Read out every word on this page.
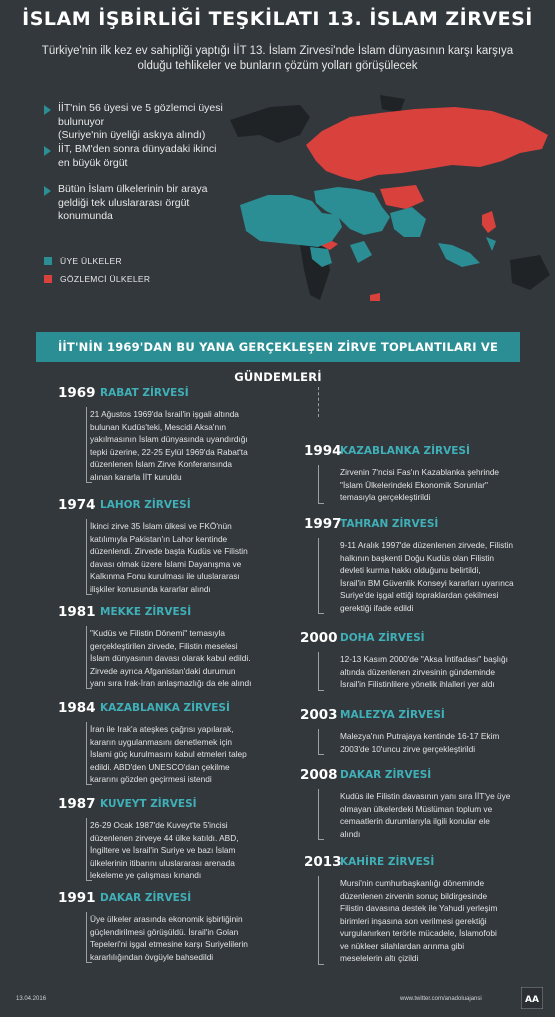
İSLAM İŞBİRLİĞİ TEŞKİLATI 13. İSLAM ZİRVESİ
Türkiye'nin ilk kez ev sahipliği yaptığı İİT 13. İslam Zirvesi'nde İslam dünyasının karşı karşıya
olduğu tehlikeler ve bunların çözüm yolları görüşülecek
İİT'nin 56 üyesi ve 5 gözlemci üyesi bulunuyor
(Suriye'nin üyeliği askıya alındı)
İİT, BM'den sonra dünyadaki ikinci
en büyük örgüt
Bütün İslam ülkelerinin bir araya
geldiği tek uluslararası örgüt
konumunda
ÜYE ÜLKELER
GÖZLEMCİ ÜLKELER
İİT'NİN 1969'DAN BU YANA GERÇEKLEŞEN ZİRVE TOPLANTILARI VE GÜNDEMLERİ
1969 RABAT ZİRVESİ
21 Ağustos 1969'da İsrail'in işgali altında
bulunan Kudüs'teki, Mescidi Aksa'nın
yakılmasının İslam dünyasında uyandırdığı
tepki üzerine, 22-25 Eylül 1969'da Rabat'ta
düzenlenen İslam Zirve Konferansında
alınan kararla İİT kuruldu
1974 LAHOR ZİRVESİ
İkinci zirve 35 İslam ülkesi ve FKÖ'nün
katılımıyla Pakistan'ın Lahor kentinde
düzenlendi. Zirvede başta Kudüs ve Filistin
davası olmak üzere İslami Dayanışma ve
Kalkınma Fonu kurulması ile uluslararası
ilişkiler konusunda kararlar alındı
1981 MEKKE ZİRVESİ
"Kudüs ve Filistin Dönemi" temasıyla
gerçekleştirilen zirvede, Filistin meselesi
İslam dünyasının davası olarak kabul edildi.
Zirvede ayrıca Afganistan'daki durumun
yanı sıra Irak-İran anlaşmazlığı da ele alındı
1984 KAZABLANKA ZİRVESİ
İran ile Irak'a ateşkes çağrısı yapılarak,
kararın uygulanmasını denetlemek için
İslami güç kurulmasını kabul etmeleri talep
edildi. ABD'den UNESCO'dan çekilme
kararını gözden geçirmesi istendi
1987 KUVEYT ZİRVESİ
26-29 Ocak 1987'de Kuveyt'te 5'incisi
düzenlenen zirveye 44 ülke katıldı. ABD,
İngiltere ve İsrail'in Suriye ve bazı İslam
ülkelerinin itibarını uluslararası arenada
lekeleme ye çalışması kınandı
1991 DAKAR ZİRVESİ
Üye ülkeler arasında ekonomik işbirliğinin
güçlendirilmesi görüşüldü. İsrail'in Golan
Tepeleri'ni işgal etmesine karşı Suriyelilerin
kararlılığından övgüyle bahsedildi
1994
KAZABLANKA ZİRVESİ
Zirvenin 7'ncisi Fas'ın Kazablanka şehrinde
"İslam Ülkelerindeki Ekonomik Sorunlar"
temasıyla gerçekleştirildi
1997
TAHRAN ZİRVESİ
9-11 Aralık 1997'de düzenlenen zirvede, Filistin
halkının başkenti Doğu Kudüs olan Filistin
devleti kurma hakkı olduğunu belirtildi,
İsrail'in BM Güvenlik Konseyi kararları uyarınca
Suriye'de işgal ettiği topraklardan çekilmesi
gerektiği ifade edildi
2000 DOHA ZİRVESİ
12-13 Kasım 2000'de "Aksa İntifadası" başlığı
altında düzenlenen zirvesinin gündeminde
İsrail'in Filistinlilere yönelik ihlalleri yer aldı
2003 MALEZYA ZİRVESİ
Malezya'nın Putrajaya kentinde 16-17 Ekim
2003'de 10'uncu zirve gerçekleştirildi
2008 DAKAR ZİRVESİ
Kudüs ile Filistin davasının yanı sıra İİT'ye üye
olmayan ülkelerdeki Müslüman toplum ve
cemaatlerin durumlarıyla ilgili konular ele
alındı
2013
KAHİRE ZİRVESİ
Mursi'nin cumhurbaşkanlığı döneminde
düzenlenen zirvenin sonuç bildirgesinde
Filistin davasına destek ile Yahudi yerleşim
birimleri inşasına son verilmesi gerektiği
vurgulanırken terörle mücadele, İslamofobi
ve nükleer silahlardan arınma gibi
meselelerin altı çizildi
13.04.2016	www.twitter.com/anadoluajansi	AA
